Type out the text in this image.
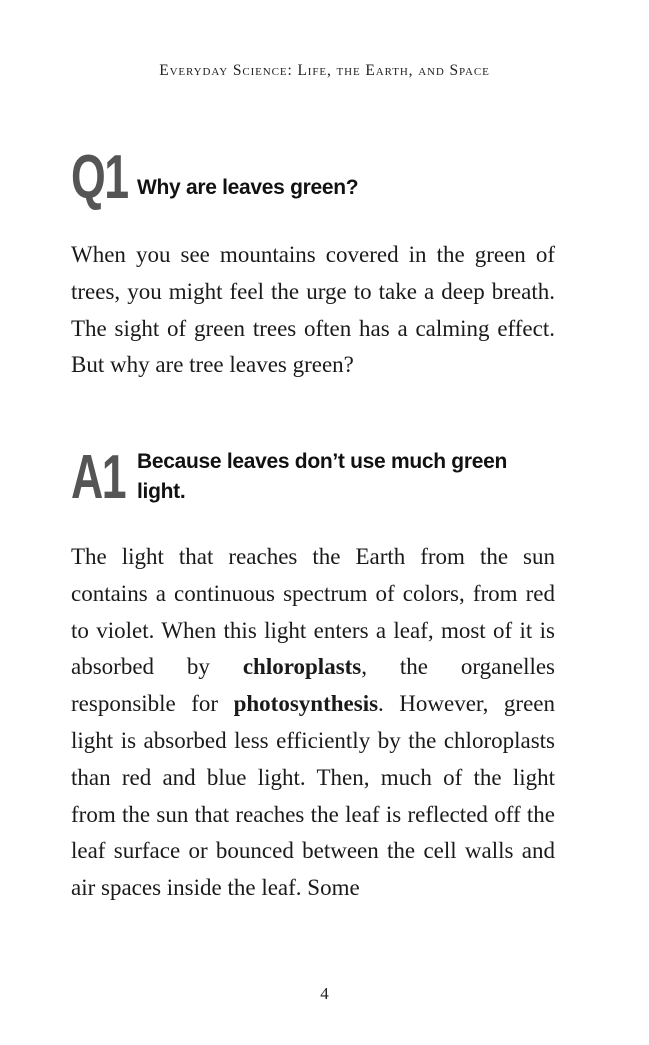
Everyday Science: Life, the Earth, and Space
Q1 Why are leaves green?
When you see mountains covered in the green of trees, you might feel the urge to take a deep breath. The sight of green trees often has a calming effect. But why are tree leaves green?
A1 Because leaves don’t use much green light.
The light that reaches the Earth from the sun contains a continuous spectrum of colors, from red to violet. When this light enters a leaf, most of it is absorbed by chloroplasts, the organelles responsible for photosynthesis. However, green light is absorbed less efficiently by the chloroplasts than red and blue light. Then, much of the light from the sun that reaches the leaf is reflected off the leaf surface or bounced between the cell walls and air spaces inside the leaf. Some
4
